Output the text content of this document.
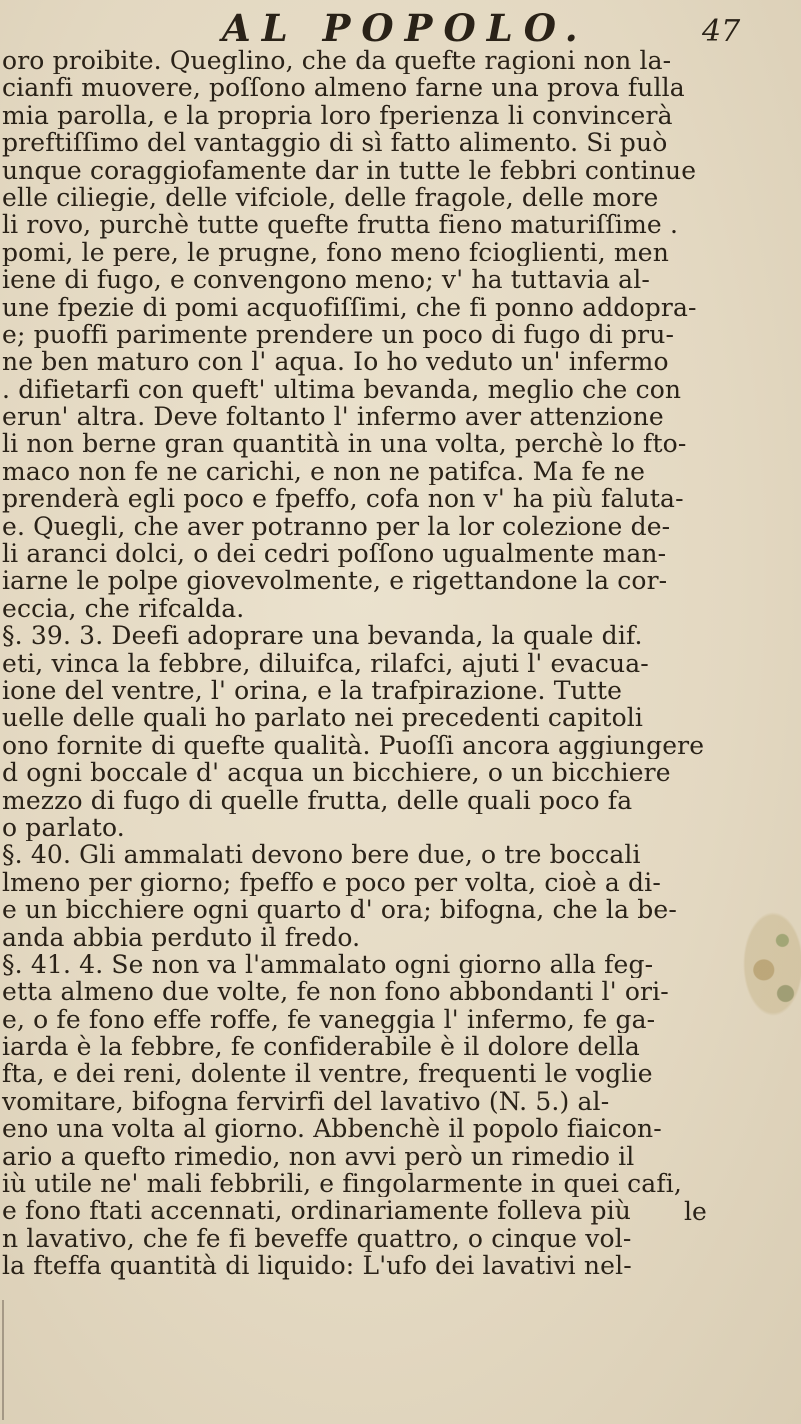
AL POPOLO.	47
oro proibite. Queglino, che da quefte ragioni non la-
cianfi muovere, poſſono almeno farne una prova fulla
mia parolla, e la propria loro fperienza li convincerà
preftiſſimo del vantaggio di sì fatto alimento. Si può
unque coraggiofamente dar in tutte le febbri continue
elle ciliegie, delle vifciole, delle fragole, delle more
li rovo, purchè tutte quefte frutta fieno maturiſſime .
pomi, le pere, le prugne, fono meno fcioglienti, men
iene di fugo, e convengono meno; v' ha tuttavia al-
une fpezie di pomi acquofiſſimi, che fi ponno addopra-
e; puoffi parimente prendere un poco di fugo di pru-
ne ben maturo con l' aqua. Io ho veduto un' infermo
. difietarfi con queft' ultima bevanda, meglio che con
erun' altra. Deve foltanto l' infermo aver attenzione
li non berne gran quantità in una volta, perchè lo fto-
maco non fe ne carichi, e non ne patifca. Ma fe ne
prenderà egli poco e fpeffo, cofa non v' ha più faluta-
e. Quegli, che aver potranno per la lor colezione de-
li aranci dolci, o dei cedri poſſono ugualmente man-
iarne le polpe giovevolmente, e rigettandone la cor-
eccia, che rifcalda.
§. 39. 3. Deefi adoprare una bevanda, la quale dif.
eti, vinca la febbre, diluifca, rilafci, ajuti l' evacua-
ione del ventre, l' orina, e la trafpirazione. Tutte
uelle delle quali ho parlato nei precedenti capitoli
ono fornite di quefte qualità. Puoſſi ancora aggiungere
d ogni boccale d' acqua un bicchiere, o un bicchiere
mezzo di fugo di quelle frutta, delle quali poco fa
o parlato.
§. 40. Gli ammalati devono bere due, o tre boccali
lmeno per giorno; fpeffo e poco per volta, cioè a di-
e un bicchiere ogni quarto d' ora; bifogna, che la be-
anda abbia perduto il fredo.
§. 41. 4. Se non va l'ammalato ogni giorno alla feg-
etta almeno due volte, fe non fono abbondanti l' ori-
e, o fe fono effe roffe, fe vaneggia l' infermo, fe ga-
iarda è la febbre, fe confiderabile è il dolore della
fta, e dei reni, dolente il ventre, frequenti le voglie
vomitare, bifogna fervirfi del lavativo (N. 5.) al-
eno una volta al giorno. Abbenchè il popolo fiaicon-
ario a quefto rimedio, non avvi però un rimedio il
iù utile ne' mali febbrili, e fingolarmente in quei cafi,
e fono ftati accennati, ordinariamente folleva più
n lavativo, che fe fi beveffe quattro, o cinque vol-
la fteffa quantità di liquido: L'ufo dei lavativi nel-
le
